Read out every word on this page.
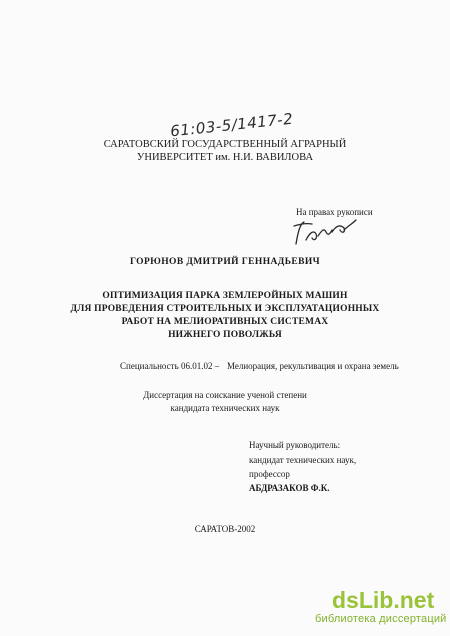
61:03-5/1417-2
САРАТОВСКИЙ ГОСУДАРСТВЕННЫЙ АГРАРНЫЙ
УНИВЕРСИТЕТ им. Н.И. ВАВИЛОВА
На правах рукописи
ГОРЮНОВ ДМИТРИЙ ГЕННАДЬЕВИЧ
ОПТИМИЗАЦИЯ ПАРКА ЗЕМЛЕРОЙНЫХ МАШИН
ДЛЯ ПРОВЕДЕНИЯ СТРОИТЕЛЬНЫХ И ЭКСПЛУАТАЦИОННЫХ
РАБОТ НА МЕЛИОРАТИВНЫХ СИСТЕМАХ
НИЖНЕГО ПОВОЛЖЬЯ
Специальность 06.01.02 – Мелиорация, рекультивация и охрана земель
Диссертация на соискание ученой степени
кандидата технических наук
Научный руководитель:
кандидат технических наук,
профессор
АБДРАЗАКОВ Ф.К.
САРАТОВ-2002
dsLib.net
библиотека диссертаций
